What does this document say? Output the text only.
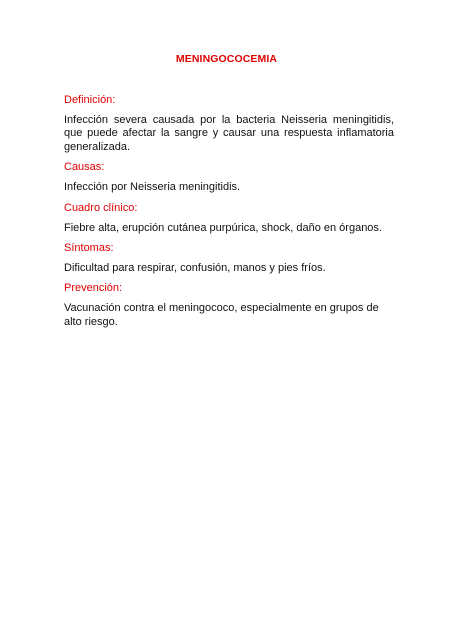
MENINGOCOCEMIA
Definición:
Infección severa causada por la bacteria Neisseria meningitidis, que puede afectar la sangre y causar una respuesta inflamatoria generalizada.
Causas:
Infección por Neisseria meningitidis.
Cuadro clínico:
Fiebre alta, erupción cutánea purpúrica, shock, daño en órganos.
Síntomas:
Dificultad para respirar, confusión, manos y pies fríos.
Prevención:
Vacunación contra el meningococo, especialmente en grupos de alto riesgo.
